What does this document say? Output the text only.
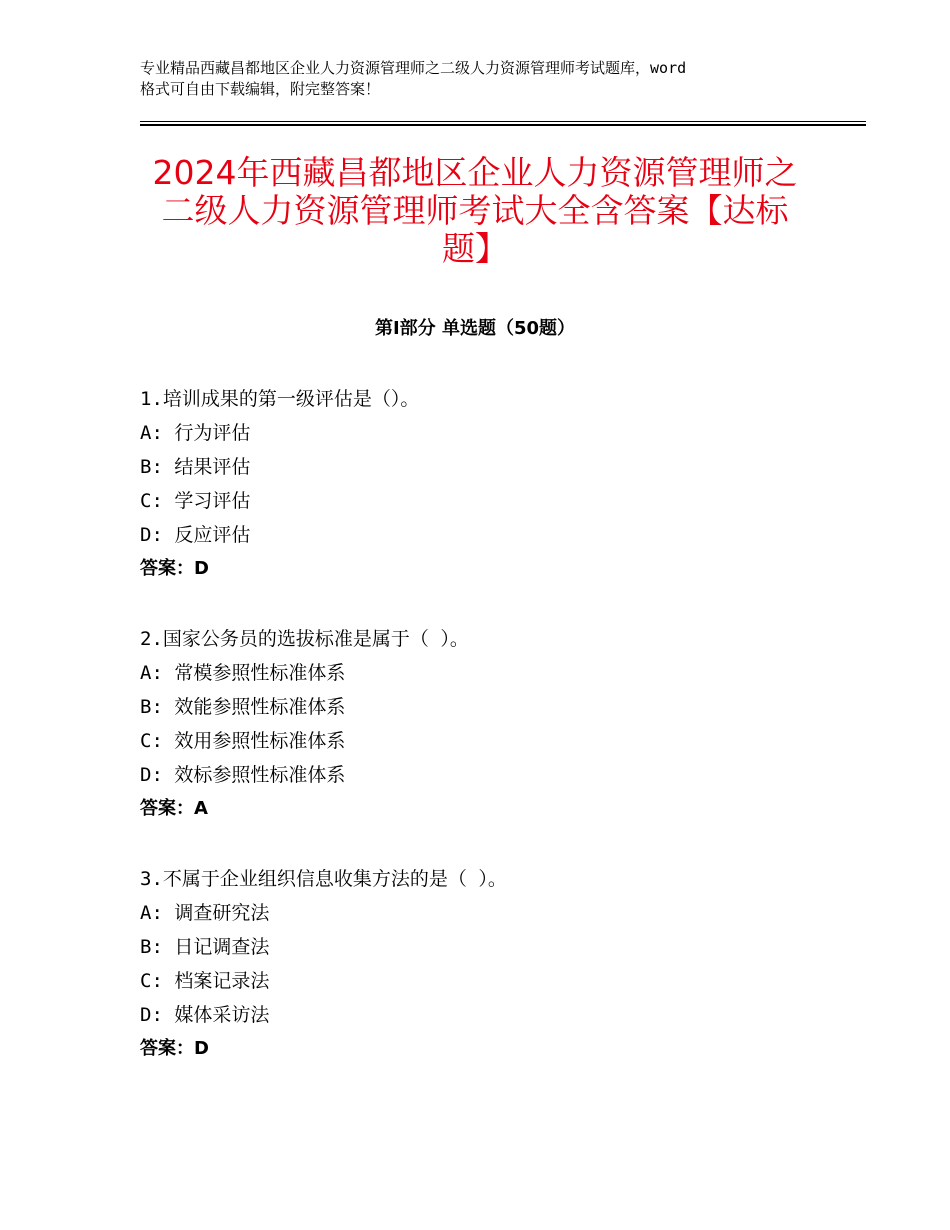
专业精品西藏昌都地区企业人力资源管理师之二级人力资源管理师考试题库，word
格式可自由下载编辑，附完整答案！
2024年西藏昌都地区企业人力资源管理师之
二级人力资源管理师考试大全含答案【达标
题】
第Ⅰ部分 单选题（50题）
1.培训成果的第一级评估是（）。
A: 行为评估
B: 结果评估
C: 学习评估
D: 反应评估
答案：D
2.国家公务员的选拔标准是属于（ ）。
A: 常模参照性标准体系
B: 效能参照性标准体系
C: 效用参照性标准体系
D: 效标参照性标准体系
答案：A
3.不属于企业组织信息收集方法的是（ ）。
A: 调查研究法
B: 日记调查法
C: 档案记录法
D: 媒体采访法
答案：D
